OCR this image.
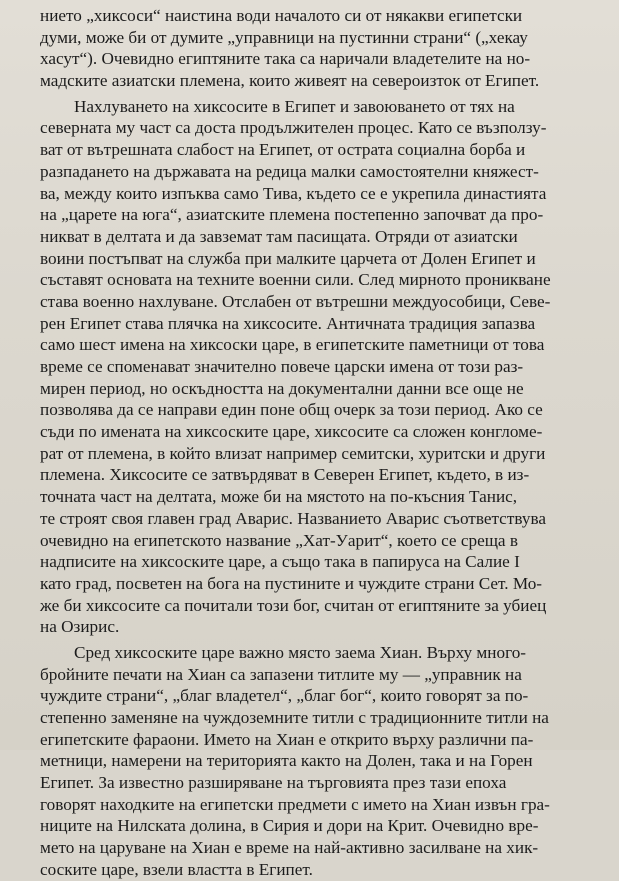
нието „хиксоси“ наистина води началото си от някакви египетски
думи, може би от думите „управници на пустинни страни“ („хекау
хасут“). Очевидно египтяните така са наричали владетелите на но-
мадските азиатски племена, които живеят на североизток от Египет.

Нахлуването на хиксосите в Египет и завоюването от тях на
северната му част са доста продължителен процес. Като се възползу-
ват от вътрешната слабост на Египет, от острата социална борба и
разпадането на държавата на редица малки самостоятелни княжест-
ва, между които изпъква само Тива, където се е укрепила династията
на „царете на юга“, азиатските племена постепенно започват да про-
никват в делтата и да завземат там пасищата. Отряди от азиатски
воини постъпват на служба при малките царчета от Долен Египет и
съставят основата на техните военни сили. След мирното проникване
става военно нахлуване. Отслабен от вътрешни междуособици, Севе-
рен Египет става плячка на хиксосите. Античната традиция запазва
само шест имена на хиксоски царе, в египетските паметници от това
време се споменават значително повече царски имена от този раз-
мирен период, но оскъдността на документални данни все още не
позволява да се направи един поне общ очерк за този период. Ако се
съди по имената на хиксоските царе, хиксосите са сложен конгломе-
рат от племена, в който влизат например семитски, хуритски и други
племена. Хиксосите се затвърдяват в Северен Египет, където, в из-
точната част на делтата, може би на мястото на по-късния Танис,
те строят своя главен град Аварис. Названието Аварис съответствува
очевидно на египетското название „Хат-Уарит“, което се среща в
надписите на хиксоските царе, а също така в папируса на Салие I
като град, посветен на бога на пустините и чуждите страни Сет. Мо-
же би хиксосите са почитали този бог, считан от египтяните за убиец
на Озирис.

Сред хиксоските царе важно място заема Хиан. Върху много-
бройните печати на Хиан са запазени титлите му — „управник на
чуждите страни“, „благ владетел“, „благ бог“, които говорят за по-
степенно заменяне на чуждоземните титли с традиционните титли на
египетските фараони. Името на Хиан е открито върху различни па-
метници, намерени на територията както на Долен, така и на Горен
Египет. За известно разширяване на търговията през тази епоха
говорят находките на египетски предмети с името на Хиан извън гра-
ниците на Нилската долина, в Сирия и дори на Крит. Очевидно вре-
мето на царуване на Хиан е време на най-активно засилване на хик-
соските царе, взели властта в Египет.
